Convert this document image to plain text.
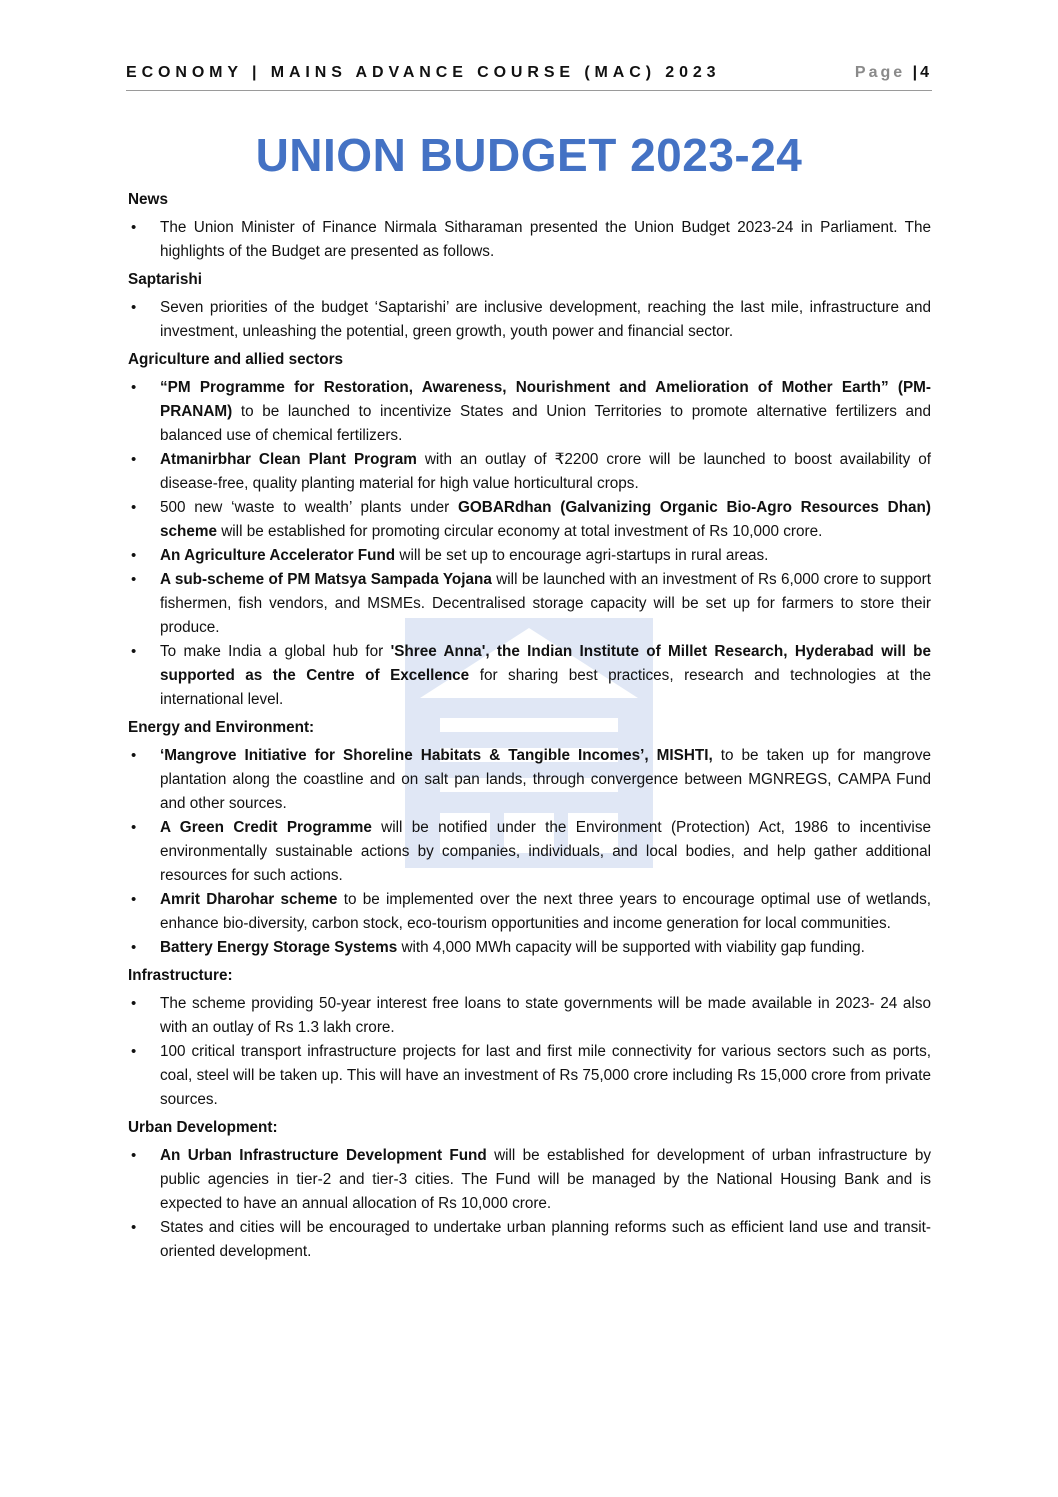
ECONOMY | MAINS ADVANCE COURSE (MAC) 2023	Page |4
UNION BUDGET 2023-24
News
• The Union Minister of Finance Nirmala Sitharaman presented the Union Budget 2023-24 in Parliament. The highlights of the Budget are presented as follows.
Saptarishi
• Seven priorities of the budget ‘Saptarishi’ are inclusive development, reaching the last mile, infrastructure and investment, unleashing the potential, green growth, youth power and financial sector.
Agriculture and allied sectors
• “PM Programme for Restoration, Awareness, Nourishment and Amelioration of Mother Earth” (PM-PRANAM) to be launched to incentivize States and Union Territories to promote alternative fertilizers and balanced use of chemical fertilizers.
• Atmanirbhar Clean Plant Program with an outlay of ₹2200 crore will be launched to boost availability of disease-free, quality planting material for high value horticultural crops.
• 500 new ‘waste to wealth’ plants under GOBARdhan (Galvanizing Organic Bio-Agro Resources Dhan) scheme will be established for promoting circular economy at total investment of Rs 10,000 crore.
• An Agriculture Accelerator Fund will be set up to encourage agri-startups in rural areas.
• A sub-scheme of PM Matsya Sampada Yojana will be launched with an investment of Rs 6,000 crore to support fishermen, fish vendors, and MSMEs. Decentralised storage capacity will be set up for farmers to store their produce.
• To make India a global hub for 'Shree Anna', the Indian Institute of Millet Research, Hyderabad will be supported as the Centre of Excellence for sharing best practices, research and technologies at the international level.
Energy and Environment:
• ‘Mangrove Initiative for Shoreline Habitats & Tangible Incomes’, MISHTI, to be taken up for mangrove plantation along the coastline and on salt pan lands, through convergence between MGNREGS, CAMPA Fund and other sources.
• A Green Credit Programme will be notified under the Environment (Protection) Act, 1986 to incentivise environmentally sustainable actions by companies, individuals, and local bodies, and help gather additional resources for such actions.
• Amrit Dharohar scheme to be implemented over the next three years to encourage optimal use of wetlands, enhance bio-diversity, carbon stock, eco-tourism opportunities and income generation for local communities.
• Battery Energy Storage Systems with 4,000 MWh capacity will be supported with viability gap funding.
Infrastructure:
• The scheme providing 50-year interest free loans to state governments will be made available in 2023- 24 also with an outlay of Rs 1.3 lakh crore.
• 100 critical transport infrastructure projects for last and first mile connectivity for various sectors such as ports, coal, steel will be taken up. This will have an investment of Rs 75,000 crore including Rs 15,000 crore from private sources.
Urban Development:
• An Urban Infrastructure Development Fund will be established for development of urban infrastructure by public agencies in tier-2 and tier-3 cities. The Fund will be managed by the National Housing Bank and is expected to have an annual allocation of Rs 10,000 crore.
• States and cities will be encouraged to undertake urban planning reforms such as efficient land use and transit-oriented development.
